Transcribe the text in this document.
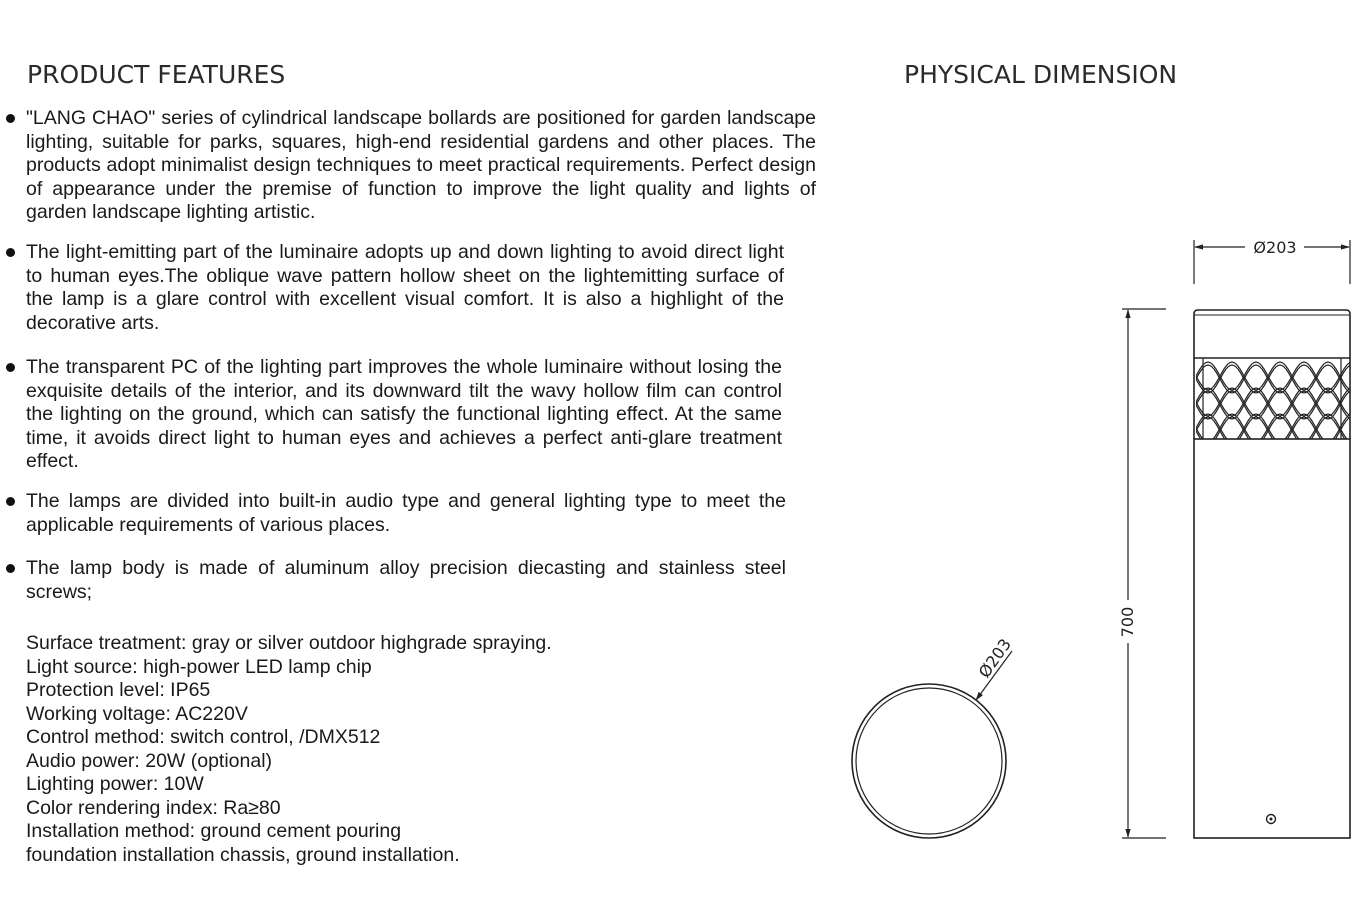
PRODUCT FEATURES
"LANG CHAO" series of cylindrical landscape bollards are positioned for garden landscape lighting, suitable for parks, squares, high-end residential gardens and other places. The products adopt minimalist design techniques to meet practical requirements. Perfect design of appearance under the premise of function to improve the light quality and lights of garden landscape lighting artistic.
The light-emitting part of the luminaire adopts up and down lighting to avoid direct light to human eyes.The oblique wave pattern hollow sheet on the lightemitting surface of the lamp is a glare control with excellent visual comfort. It is also a highlight of the decorative arts.
The transparent PC of the lighting part improves the whole luminaire without losing the exquisite details of the interior, and its downward tilt the wavy hollow film can control the lighting on the ground, which can satisfy the functional lighting effect. At the same time, it avoids direct light to human eyes and achieves a perfect anti-glare treatment effect.
The lamps are divided into built-in audio type and general lighting type to meet the applicable requirements of various places.
The lamp body is made of aluminum alloy precision diecasting and stainless steel screws;
Surface treatment: gray or silver outdoor highgrade spraying.
Light source: high-power LED lamp chip
Protection level: IP65
Working voltage: AC220V
Control method: switch control, /DMX512
Audio power: 20W (optional)
Lighting power: 10W
Color rendering index: Ra≥80
Installation method: ground cement pouring
foundation installation chassis, ground installation.
PHYSICAL DIMENSION
Ø203
Ø203
700
